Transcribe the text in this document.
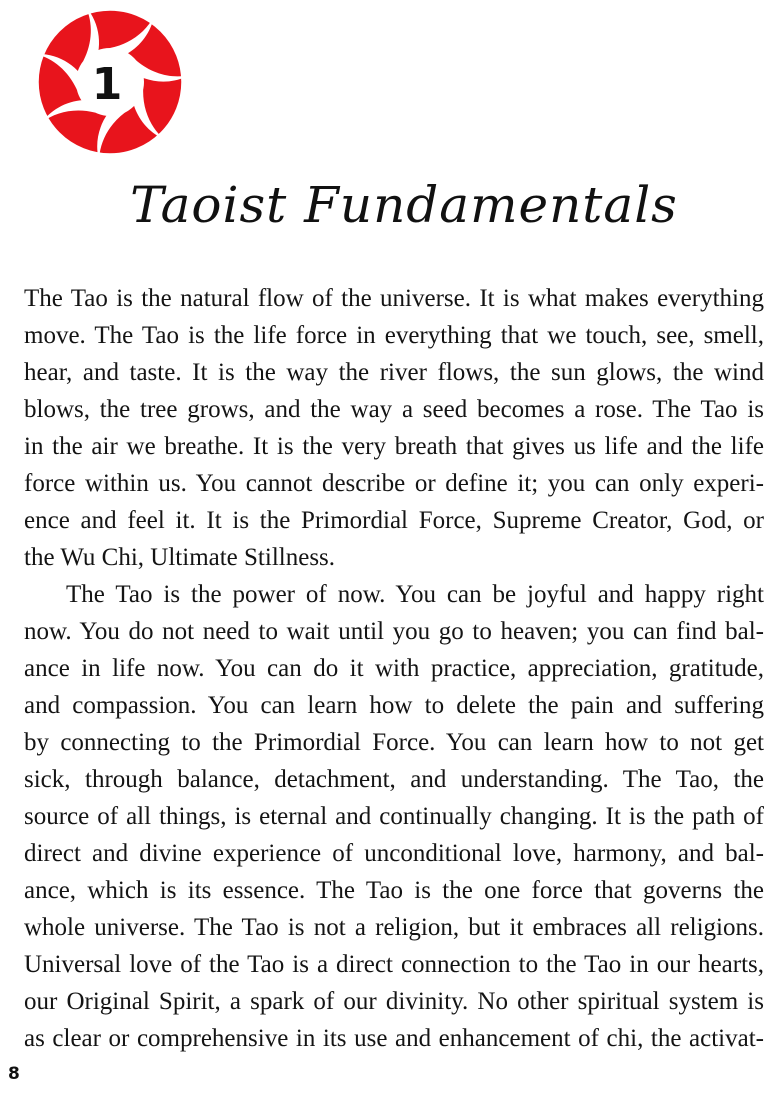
1
Taoist Fundamentals
The Tao is the natural flow of the universe. It is what makes everything
move. The Tao is the life force in everything that we touch, see, smell,
hear, and taste. It is the way the river flows, the sun glows, the wind
blows, the tree grows, and the way a seed becomes a rose. The Tao is
in the air we breathe. It is the very breath that gives us life and the life
force within us. You cannot describe or define it; you can only experi-
ence and feel it. It is the Primordial Force, Supreme Creator, God, or
the Wu Chi, Ultimate Stillness.
The Tao is the power of now. You can be joyful and happy right
now. You do not need to wait until you go to heaven; you can find bal-
ance in life now. You can do it with practice, appreciation, gratitude,
and compassion. You can learn how to delete the pain and suffering
by connecting to the Primordial Force. You can learn how to not get
sick, through balance, detachment, and understanding. The Tao, the
source of all things, is eternal and continually changing. It is the path of
direct and divine experience of unconditional love, harmony, and bal-
ance, which is its essence. The Tao is the one force that governs the
whole universe. The Tao is not a religion, but it embraces all religions.
Universal love of the Tao is a direct connection to the Tao in our hearts,
our Original Spirit, a spark of our divinity. No other spiritual system is
as clear or comprehensive in its use and enhancement of chi, the activat-
8
